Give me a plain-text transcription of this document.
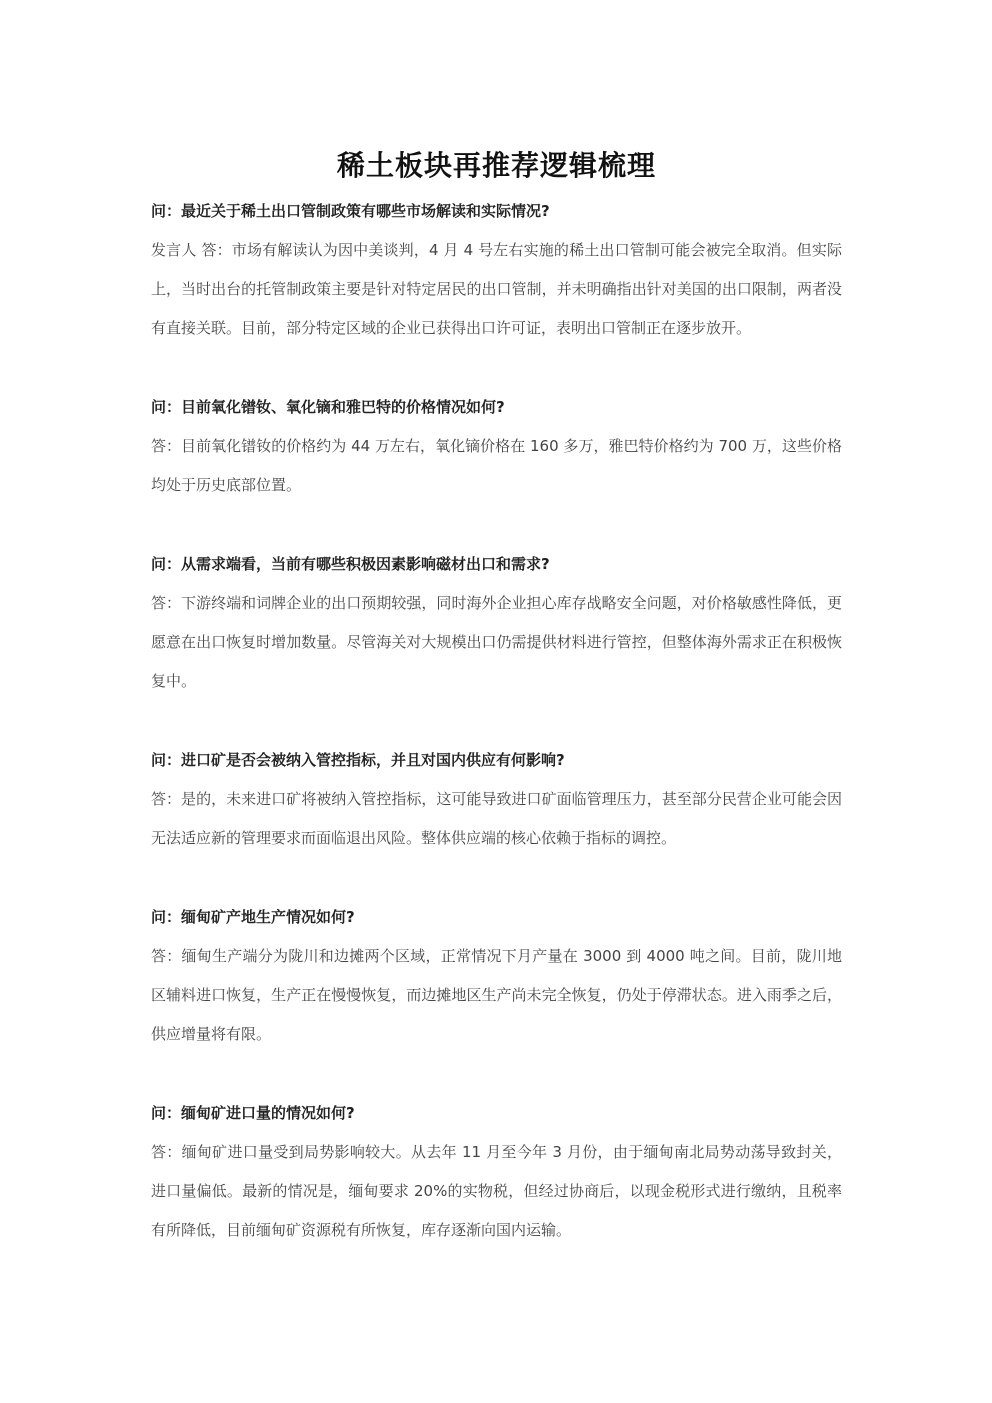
稀土板块再推荐逻辑梳理

问：最近关于稀土出口管制政策有哪些市场解读和实际情况?

发言人 答：市场有解读认为因中美谈判，4 月 4 号左右实施的稀土出口管制可能会被完全取消。但实际上，当时出台的托管制政策主要是针对特定居民的出口管制，并未明确指出针对美国的出口限制，两者没有直接关联。目前，部分特定区域的企业已获得出口许可证，表明出口管制正在逐步放开。

问：目前氧化镨钕、氧化镝和雅巴特的价格情况如何?

答：目前氧化镨钕的价格约为 44 万左右，氧化镝价格在 160 多万，雅巴特价格约为 700 万，这些价格均处于历史底部位置。

问：从需求端看，当前有哪些积极因素影响磁材出口和需求?

答：下游终端和词牌企业的出口预期较强，同时海外企业担心库存战略安全问题，对价格敏感性降低，更愿意在出口恢复时增加数量。尽管海关对大规模出口仍需提供材料进行管控，但整体海外需求正在积极恢复中。

问：进口矿是否会被纳入管控指标，并且对国内供应有何影响?

答：是的，未来进口矿将被纳入管控指标，这可能导致进口矿面临管理压力，甚至部分民营企业可能会因无法适应新的管理要求而面临退出风险。整体供应端的核心依赖于指标的调控。

问：缅甸矿产地生产情况如何?

答：缅甸生产端分为陇川和边摊两个区域，正常情况下月产量在 3000 到 4000 吨之间。目前，陇川地区辅料进口恢复，生产正在慢慢恢复，而边摊地区生产尚未完全恢复，仍处于停滞状态。进入雨季之后，供应增量将有限。

问：缅甸矿进口量的情况如何?

答：缅甸矿进口量受到局势影响较大。从去年 11 月至今年 3 月份，由于缅甸南北局势动荡导致封关，进口量偏低。最新的情况是，缅甸要求 20%的实物税，但经过协商后，以现金税形式进行缴纳，且税率有所降低，目前缅甸矿资源税有所恢复，库存逐渐向国内运输。
